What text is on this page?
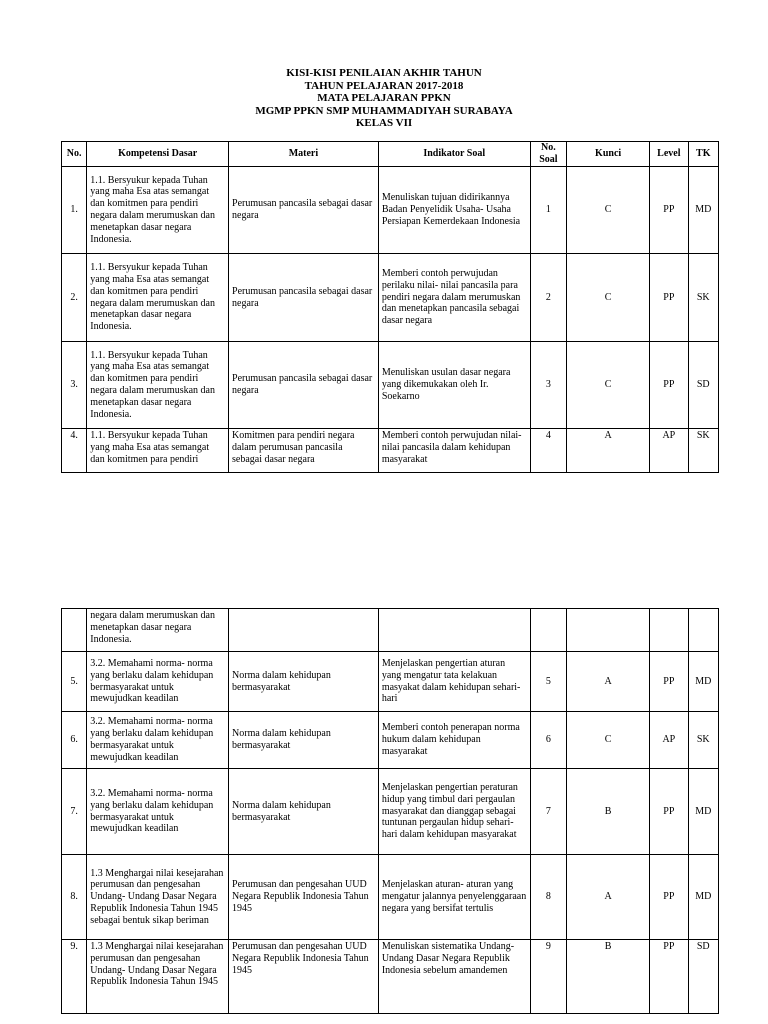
KISI-KISI PENILAIAN AKHIR TAHUN
TAHUN PELAJARAN 2017-2018
MATA PELAJARAN PPKN
MGMP PPKN SMP MUHAMMADIYAH SURABAYA
KELAS VII
No.	Kompetensi Dasar	Materi	Indikator Soal	No. Soal	Kunci	Level	TK
1.	1.1. Bersyukur kepada Tuhan yang maha Esa atas semangat dan komitmen para pendiri negara dalam merumuskan dan menetapkan dasar negara Indonesia.	Perumusan pancasila sebagai dasar negara	Menuliskan tujuan didirikannya Badan Penyelidik Usaha- Usaha Persiapan Kemerdekaan Indonesia	1	C	PP	MD
2.	1.1. Bersyukur kepada Tuhan yang maha Esa atas semangat dan komitmen para pendiri negara dalam merumuskan dan menetapkan dasar negara Indonesia.	Perumusan pancasila sebagai dasar negara	Memberi contoh perwujudan perilaku nilai- nilai pancasila para pendiri negara dalam merumuskan dan menetapkan pancasila sebagai dasar negara	2	C	PP	SK
3.	1.1. Bersyukur kepada Tuhan yang maha Esa atas semangat dan komitmen para pendiri negara dalam merumuskan dan menetapkan dasar negara Indonesia.	Perumusan pancasila sebagai dasar negara	Menuliskan usulan dasar negara yang dikemukakan oleh Ir. Soekarno	3	C	PP	SD
4.	1.1. Bersyukur kepada Tuhan yang maha Esa atas semangat dan komitmen para pendiri	Komitmen para pendiri negara dalam perumusan pancasila sebagai dasar negara	Memberi contoh perwujudan nilai-nilai pancasila dalam kehidupan masyarakat	4	A	AP	SK
	negara dalam merumuskan dan menetapkan dasar negara Indonesia.						
5.	3.2. Memahami norma- norma yang berlaku dalam kehidupan bermasyarakat untuk mewujudkan keadilan	Norma dalam kehidupan bermasyarakat	Menjelaskan pengertian aturan yang mengatur tata kelakuan masyakat dalam kehidupan sehari-hari	5	A	PP	MD
6.	3.2. Memahami norma- norma yang berlaku dalam kehidupan bermasyarakat untuk mewujudkan keadilan	Norma dalam kehidupan bermasyarakat	Memberi contoh penerapan norma hukum dalam kehidupan masyarakat	6	C	AP	SK
7.	3.2. Memahami norma- norma yang berlaku dalam kehidupan bermasyarakat untuk mewujudkan keadilan	Norma dalam kehidupan bermasyarakat	Menjelaskan pengertian peraturan hidup yang timbul dari pergaulan masyarakat dan dianggap sebagai tuntunan pergaulan hidup sehari- hari dalam kehidupan masyarakat	7	B	PP	MD
8.	1.3 Menghargai nilai kesejarahan perumusan dan pengesahan Undang- Undang Dasar Negara Republik Indonesia Tahun 1945 sebagai bentuk sikap beriman	Perumusan dan pengesahan UUD Negara Republik Indonesia Tahun 1945	Menjelaskan aturan- aturan yang mengatur jalannya penyelenggaraan negara yang bersifat tertulis	8	A	PP	MD
9.	1.3 Menghargai nilai kesejarahan perumusan dan pengesahan Undang- Undang Dasar Negara Republik Indonesia Tahun 1945	Perumusan dan pengesahan UUD Negara Republik Indonesia Tahun 1945	Menuliskan sistematika Undang- Undang Dasar Negara Republik Indonesia sebelum amandemen	9	B	PP	SD
